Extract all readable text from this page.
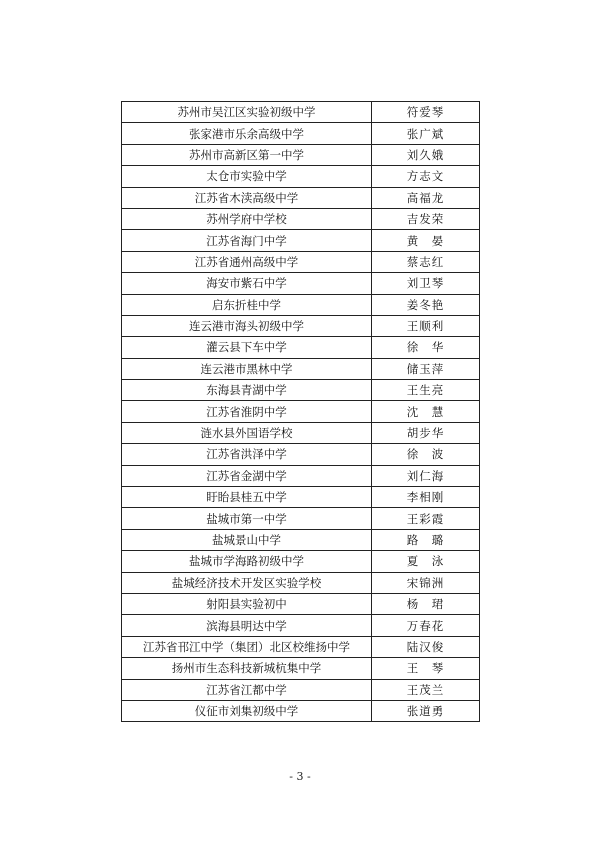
苏州市吴江区实验初级中学	符爱琴
张家港市乐余高级中学	张广斌
苏州市高新区第一中学	刘久娥
太仓市实验中学	方志文
江苏省木渎高级中学	高福龙
苏州学府中学校	吉发荣
江苏省海门中学	黄　晏
江苏省通州高级中学	蔡志红
海安市紫石中学	刘卫琴
启东折桂中学	姜冬艳
连云港市海头初级中学	王顺利
灌云县下车中学	徐　华
连云港市黑林中学	储玉萍
东海县青湖中学	王生亮
江苏省淮阴中学	沈　慧
涟水县外国语学校	胡步华
江苏省洪泽中学	徐　波
江苏省金湖中学	刘仁海
盱眙县桂五中学	李相刚
盐城市第一中学	王彩霞
盐城景山中学	路　璐
盐城市学海路初级中学	夏　泳
盐城经济技术开发区实验学校	宋锦洲
射阳县实验初中	杨　珺
滨海县明达中学	万春花
江苏省邗江中学（集团）北区校维扬中学	陆汉俊
扬州市生态科技新城杭集中学	王　琴
江苏省江都中学	王茂兰
仪征市刘集初级中学	张道勇
- 3 -
